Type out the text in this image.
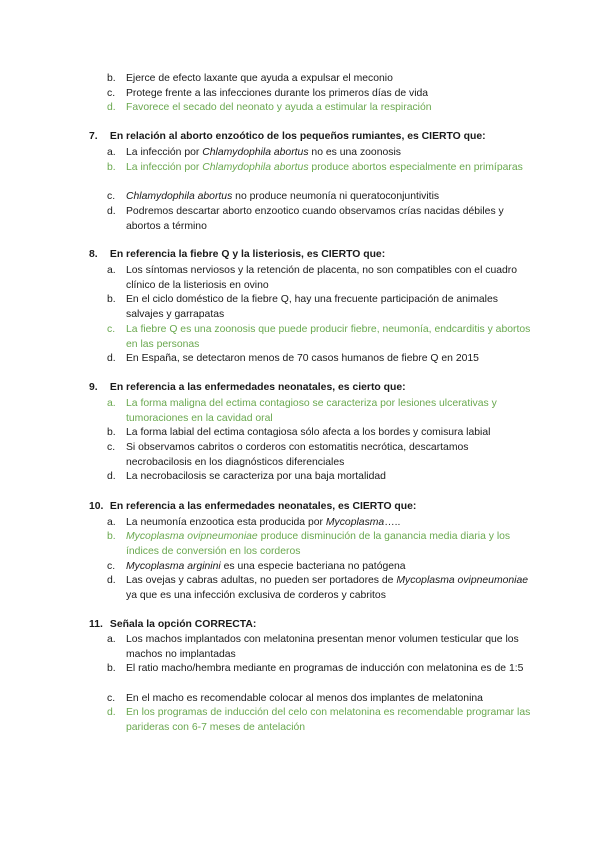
b. Ejerce de efecto laxante que ayuda a expulsar el meconio
c.	Protege frente a las infecciones durante los primeros días de vida
d. Favorece el secado del neonato y ayuda a estimular la respiración
7. En relación al aborto enzoótico de los pequeños rumiantes, es CIERTO que:
a. La infección por Chlamydophila abortus no es una zoonosis
b. La infección por Chlamydophila abortus produce abortos especialmente en primíparas
c.	Chlamydophila abortus no produce neumonía ni queratoconjuntivitis
d. Podremos descartar aborto enzootico cuando observamos crías nacidas débiles y abortos a término
8. En referencia la fiebre Q y la listeriosis, es CIERTO que:
a. Los síntomas nerviosos y la retención de placenta, no son compatibles con el cuadro clínico de la listeriosis en ovino
b. En el ciclo doméstico de la fiebre Q, hay una frecuente participación de animales salvajes y garrapatas
c.	La fiebre Q es una zoonosis que puede producir fiebre, neumonía, endcarditis y abortos en las personas
d. En España, se detectaron menos de 70 casos humanos de fiebre Q en 2015
9. En referencia a las enfermedades neonatales, es cierto que:
a. La forma maligna del ectima contagioso se caracteriza por lesiones ulcerativas y tumoraciones en la cavidad oral
b. La forma labial del ectima contagiosa sólo afecta a los bordes y comisura labial
c.	Si observamos cabritos o corderos con estomatitis necrótica, descartamos necrobacilosis en los diagnósticos diferenciales
d. La necrobacilosis se caracteriza por una baja mortalidad
10. En referencia a las enfermedades neonatales, es CIERTO que:
a. La neumonía enzootica esta producida por Mycoplasma…..
b. Mycoplasma ovipneumoniae produce disminución de la ganancia media diaria y los índices de conversión en los corderos
c.	Mycoplasma arginini es una especie bacteriana no patógena
d. Las ovejas y cabras adultas, no pueden ser portadores de Mycoplasma ovipneumoniae ya que es una infección exclusiva de corderos y cabritos
11. Señala la opción CORRECTA:
a. Los machos implantados con melatonina presentan menor volumen testicular que los machos no implantadas
b. El ratio macho/hembra mediante en programas de inducción con melatonina es de 1:5
c.	En el macho es recomendable colocar al menos dos implantes de melatonina
d. En los programas de inducción del celo con melatonina es recomendable programar las parideras con 6-7 meses de antelación
